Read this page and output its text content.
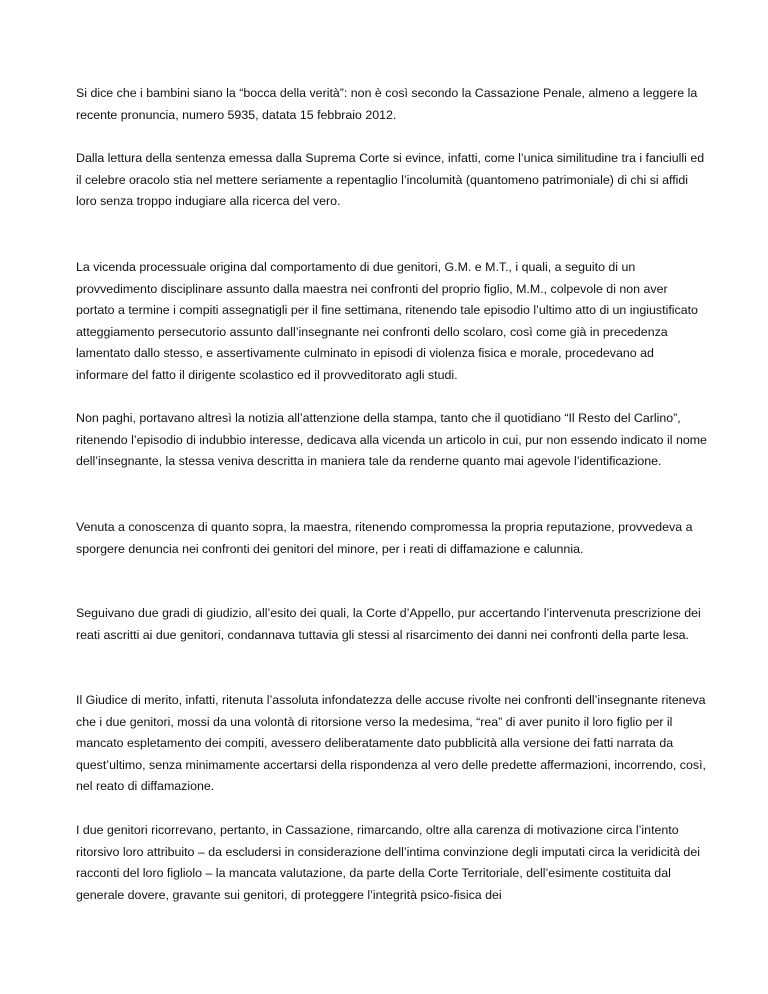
Si dice che i bambini siano la “bocca della verità”: non è così secondo la Cassazione Penale, almeno a leggere la recente pronuncia, numero 5935, datata 15 febbraio 2012.

Dalla lettura della sentenza emessa dalla Suprema Corte si evince, infatti, come l’unica similitudine tra i fanciulli ed il celebre oracolo stia nel mettere seriamente a repentaglio l’incolumità (quantomeno patrimoniale) di chi si affidi loro senza troppo indugiare alla ricerca del vero.

La vicenda processuale origina dal comportamento di due genitori, G.M. e M.T., i quali, a seguito di un provvedimento disciplinare assunto dalla maestra nei confronti del proprio figlio, M.M., colpevole di non aver portato a termine i compiti assegnatigli per il fine settimana, ritenendo tale episodio l’ultimo atto di un ingiustificato atteggiamento persecutorio assunto dall’insegnante nei confronti dello scolaro, così come già in precedenza lamentato dallo stesso, e assertivamente culminato in episodi di violenza fisica e morale, procedevano ad informare del fatto il dirigente scolastico ed il provveditorato agli studi.

Non paghi, portavano altresì la notizia all’attenzione della stampa, tanto che il quotidiano “Il Resto del Carlino”, ritenendo l’episodio di indubbio interesse, dedicava alla vicenda un articolo in cui, pur non essendo indicato il nome dell’insegnante, la stessa veniva descritta in maniera tale da renderne quanto mai agevole l’identificazione.

Venuta a conoscenza di quanto sopra, la maestra, ritenendo compromessa la propria reputazione, provvedeva a sporgere denuncia nei confronti dei genitori del minore, per i reati di diffamazione e calunnia.

Seguivano due gradi di giudizio, all’esito dei quali, la Corte d’Appello, pur accertando l’intervenuta prescrizione dei reati ascritti ai due genitori, condannava tuttavia gli stessi al risarcimento dei danni nei confronti della parte lesa.

Il Giudice di merito, infatti, ritenuta l’assoluta infondatezza delle accuse rivolte nei confronti dell’insegnante riteneva che i due genitori, mossi da una volontà di ritorsione verso la medesima, “rea” di aver punito il loro figlio per il mancato espletamento dei compiti, avessero deliberatamente dato pubblicità alla versione dei fatti narrata da quest’ultimo, senza minimamente accertarsi della rispondenza al vero delle predette affermazioni, incorrendo, così, nel reato di diffamazione.

I due genitori ricorrevano, pertanto, in Cassazione, rimarcando, oltre alla carenza di motivazione circa l’intento ritorsivo loro attribuito – da escludersi in considerazione dell’intima convinzione degli imputati circa la veridicità dei racconti del loro figliolo – la mancata valutazione, da parte della Corte Territoriale, dell’esimente costituita dal generale dovere, gravante sui genitori, di proteggere l’integrità psico-fisica dei
